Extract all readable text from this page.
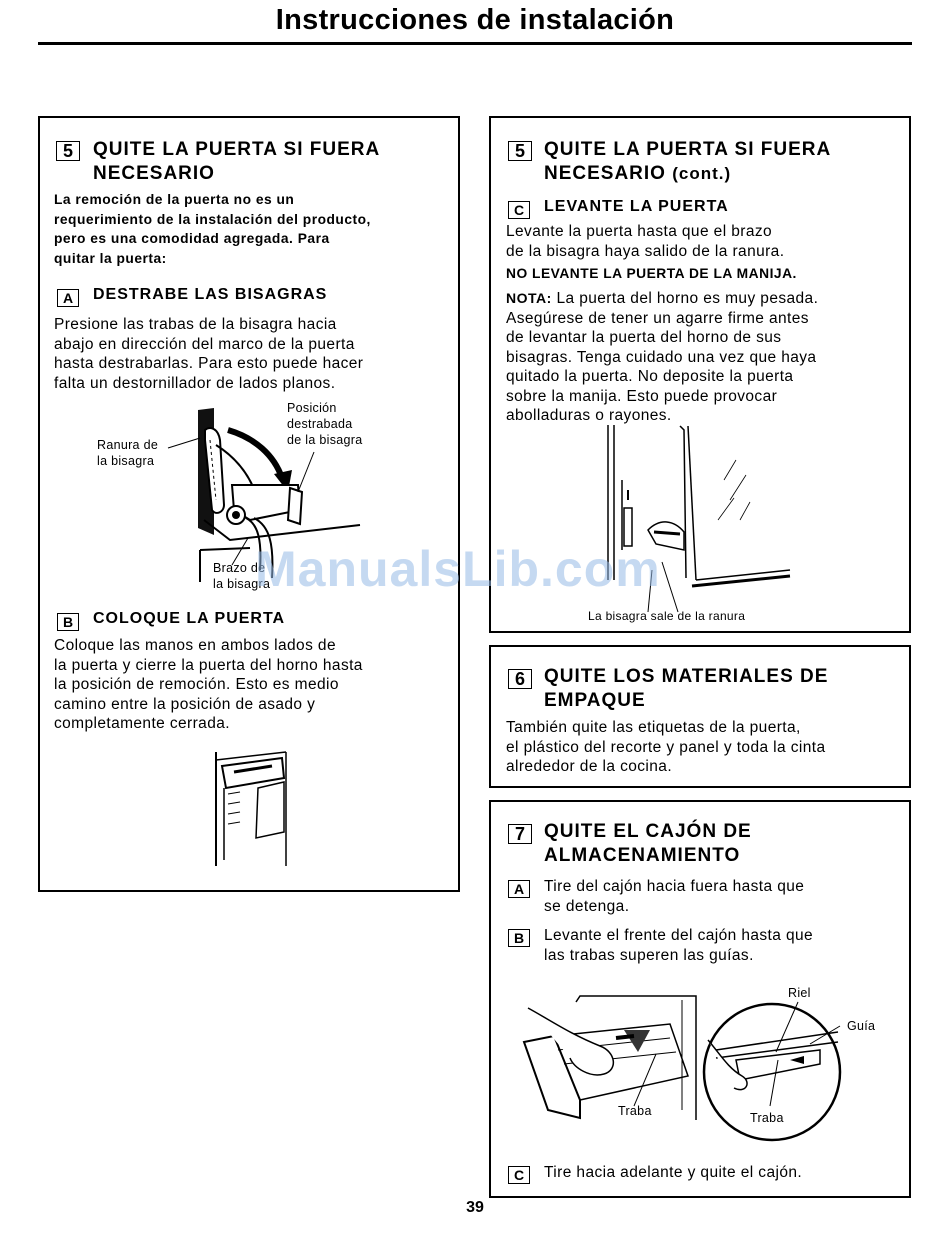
Instrucciones de instalación
5	QUITE LA PUERTA SI FUERA
NECESARIO
La remoción de la puerta no es un
requerimiento de la instalación del producto,
pero es una comodidad agregada. Para
quitar la puerta:
A	DESTRABE LAS BISAGRAS
Presione las trabas de la bisagra hacia
abajo en dirección del marco de la puerta
hasta destrabarlas. Para esto puede hacer
falta un destornillador de lados planos.
Ranura de
la bisagra
Posición
destrabada
de la bisagra
Brazo de
la bisagra
B	COLOQUE LA PUERTA
Coloque las manos en ambos lados de
la puerta y cierre la puerta del horno hasta
la posición de remoción. Esto es medio
camino entre la posición de asado y
completamente cerrada.
5	QUITE LA PUERTA SI FUERA
NECESARIO (cont.)
C	LEVANTE LA PUERTA
Levante la puerta hasta que el brazo
de la bisagra haya salido de la ranura.
NO LEVANTE LA PUERTA DE LA MANIJA.
NOTA: La puerta del horno es muy pesada.
Asegúrese de tener un agarre firme antes
de levantar la puerta del horno de sus
bisagras. Tenga cuidado una vez que haya
quitado la puerta. No deposite la puerta
sobre la manija. Esto puede provocar
abolladuras o rayones.
La bisagra sale de la ranura
6	QUITE LOS MATERIALES DE
EMPAQUE
También quite las etiquetas de la puerta,
el plástico del recorte y panel y toda la cinta
alrededor de la cocina.
7	QUITE EL CAJÓN DE
ALMACENAMIENTO
A	Tire del cajón hacia fuera hasta que
se detenga.
B	Levante el frente del cajón hasta que
las trabas superen las guías.
Riel
Guía
Traba	Traba
C	Tire hacia adelante y quite el cajón.
ManualsLib.com
39
